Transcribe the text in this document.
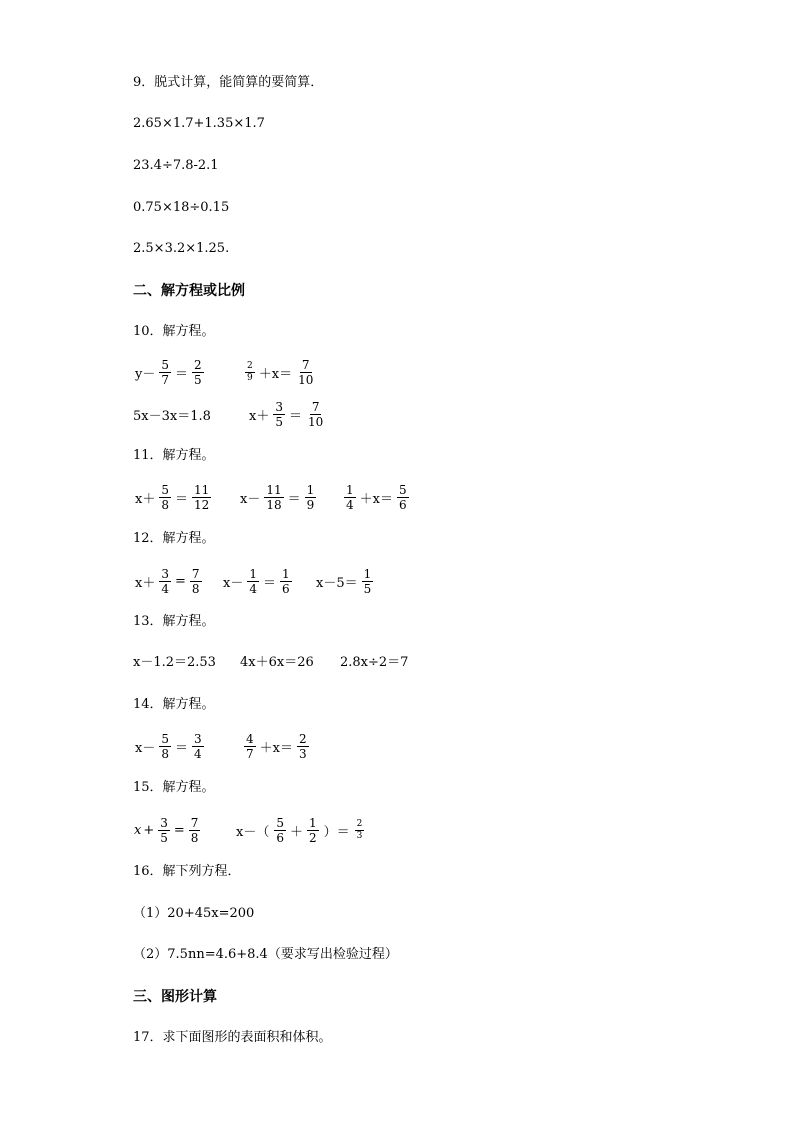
9．脱式计算，能简算的要简算．
2.65×1.7+1.35×1.7
23.4÷7.8-2.1
0.75×18÷0.15
2.5×3.2×1.25.
二、解方程或比例
10．解方程。
$y- \frac{5}{7} = \frac{2}{5}$	$\frac{2}{9} +x= \frac{7}{10}$
5x－3x＝1.8	$x+ \frac{3}{5} = \frac{7}{10}$
11．解方程。
$x+ \frac{5}{8} = \frac{11}{12} x- \frac{11}{18} = \frac{1}{9} \frac{1}{4} +x= \frac{5}{6}$
12．解方程。
$x+ \frac{3}{4} = \frac{7}{8} x- \frac{1}{4} = \frac{1}{6} x-5= \frac{1}{5}$
13．解方程。
x－1.2＝2.53 4x＋6x＝26 2.8x÷2＝7
14．解方程。
$x- \frac{5}{8} = \frac{3}{4}$	$\frac{4}{7} +x= \frac{2}{3}$
15．解方程。
$x + \frac{3}{5} = \frac{7}{8}$	$x-( \frac{5}{6} + \frac{1}{2}$ ）＝ $\frac{2}{3}$
16．解下列方程．
（1）20+45x=200
（2）7.5nn=4.6+8.4（要求写出检验过程）
三、图形计算
17．求下面图形的表面积和体积。
